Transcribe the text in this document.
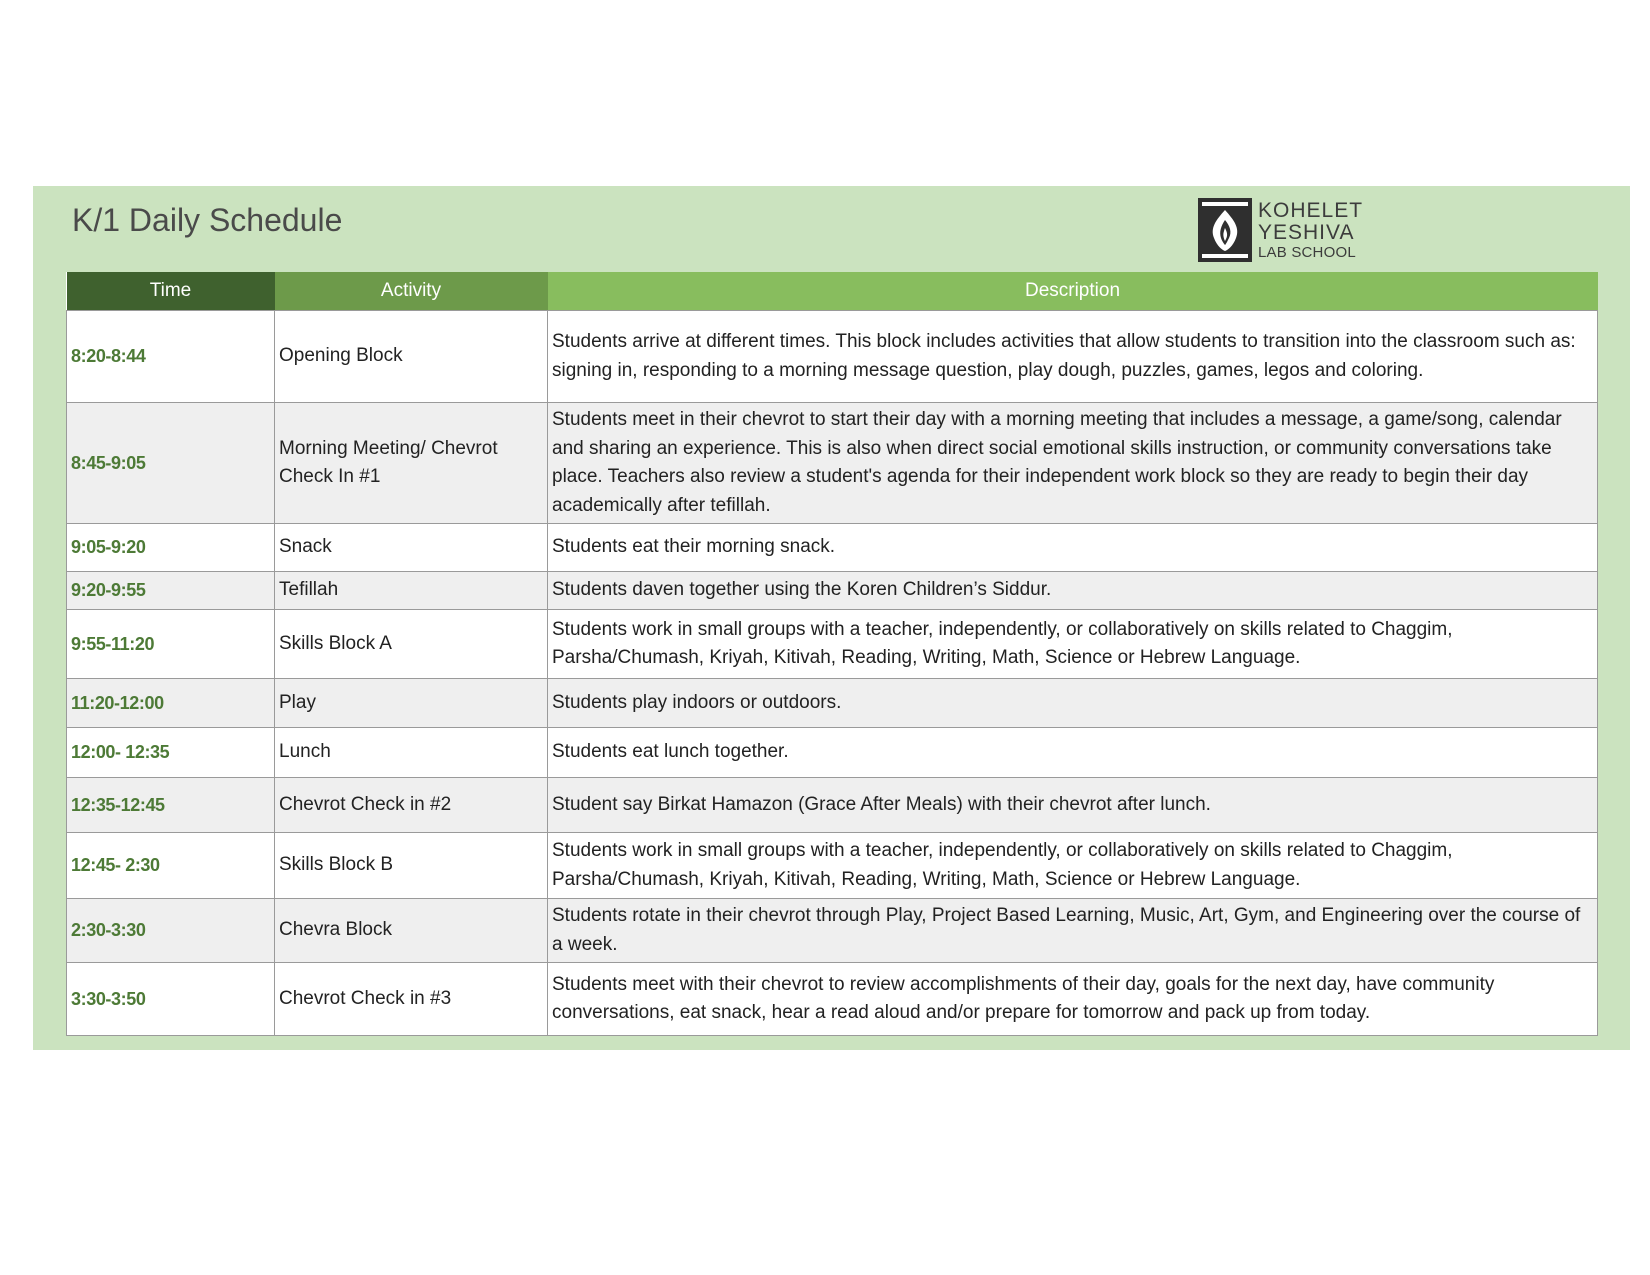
K/1 Daily Schedule	KOHELET
YESHIVA
LAB SCHOOL
Time	Activity	Description
8:20-8:44	Opening Block	Students arrive at different times. This block includes activities that allow students to transition into the classroom such as: signing in, responding to a morning message question, play dough, puzzles, games, legos and coloring.
8:45-9:05	Morning Meeting/ Chevrot Check In #1	Students meet in their chevrot to start their day with a morning meeting that includes a message, a game/song, calendar and sharing an experience. This is also when direct social emotional skills instruction, or community conversations take place. Teachers also review a student's agenda for their independent work block so they are ready to begin their day academically after tefillah.
9:05-9:20	Snack	Students eat their morning snack.
9:20-9:55	Tefillah	Students daven together using the Koren Children’s Siddur.
9:55-11:20	Skills Block A	Students work in small groups with a teacher, independently, or collaboratively on skills related to Chaggim, Parsha/Chumash, Kriyah, Kitivah, Reading, Writing, Math, Science or Hebrew Language.
11:20-12:00	Play	Students play indoors or outdoors.
12:00- 12:35	Lunch	Students eat lunch together.
12:35-12:45	Chevrot Check in #2	Student say Birkat Hamazon (Grace After Meals) with their chevrot after lunch.
12:45- 2:30	Skills Block B	Students work in small groups with a teacher, independently, or collaboratively on skills related to Chaggim, Parsha/Chumash, Kriyah, Kitivah, Reading, Writing, Math, Science or Hebrew Language.
2:30-3:30	Chevra Block	Students rotate in their chevrot through Play, Project Based Learning, Music, Art, Gym, and Engineering over the course of a week.
3:30-3:50	Chevrot Check in #3	Students meet with their chevrot to review accomplishments of their day, goals for the next day, have community conversations, eat snack, hear a read aloud and/or prepare for tomorrow and pack up from today.
